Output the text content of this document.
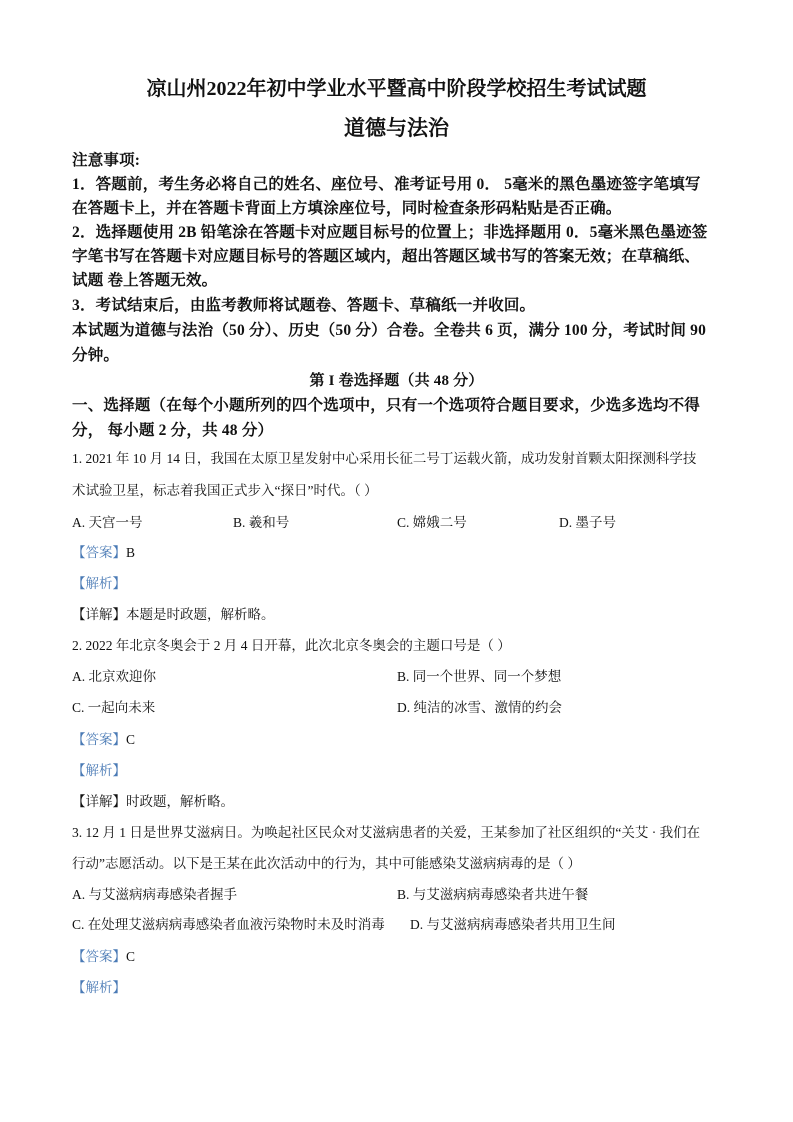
凉山州2022年初中学业水平暨高中阶段学校招生考试试题
道德与法治
注意事项:
1．答题前，考生务必将自己的姓名、座位号、准考证号用 0． 5毫米的黑色墨迹签字笔填写
在答题卡上，并在答题卡背面上方填涂座位号，同时检查条形码粘贴是否正确。
2．选择题使用 2B 铅笔涂在答题卡对应题目标号的位置上；非选择题用 0．5毫米黑色墨迹签
字笔书写在答题卡对应题目标号的答题区域内，超出答题区域书写的答案无效；在草稿纸、
试题 卷上答题无效。
3．考试结束后，由监考教师将试题卷、答题卡、草稿纸一并收回。
本试题为道德与法治（50 分）、历史（50 分）合卷。全卷共 6 页，满分 100 分，考试时间 90
分钟。
第 I 卷选择题（共 48 分）
一、选择题（在每个小题所列的四个选项中，只有一个选项符合题目要求，少选多选均不得
分， 每小题 2 分，共 48 分）
1. 2021 年 10 月 14 日，我国在太原卫星发射中心采用长征二号丁运载火箭，成功发射首颗太阳探测科学技
术试验卫星，标志着我国正式步入“探日”时代。（ ）
A. 天宫一号	B. 羲和号	C. 嫦娥二号	D. 墨子号
【答案】B
【解析】
【详解】本题是时政题，解析略。
2. 2022 年北京冬奥会于 2 月 4 日开幕，此次北京冬奥会的主题口号是（ ）
A. 北京欢迎你	B. 同一个世界、同一个梦想
C. 一起向未来	D. 纯洁的冰雪、激情的约会
【答案】C
【解析】
【详解】时政题，解析略。
3. 12 月 1 日是世界艾滋病日。为唤起社区民众对艾滋病患者的关爱，王某参加了社区组织的“关艾 · 我们在
行动”志愿活动。以下是王某在此次活动中的行为，其中可能感染艾滋病病毒的是（ ）
A. 与艾滋病病毒感染者握手	B. 与艾滋病病毒感染者共进午餐
C. 在处理艾滋病病毒感染者血液污染物时未及时消毒 D. 与艾滋病病毒感染者共用卫生间
【答案】C
【解析】
